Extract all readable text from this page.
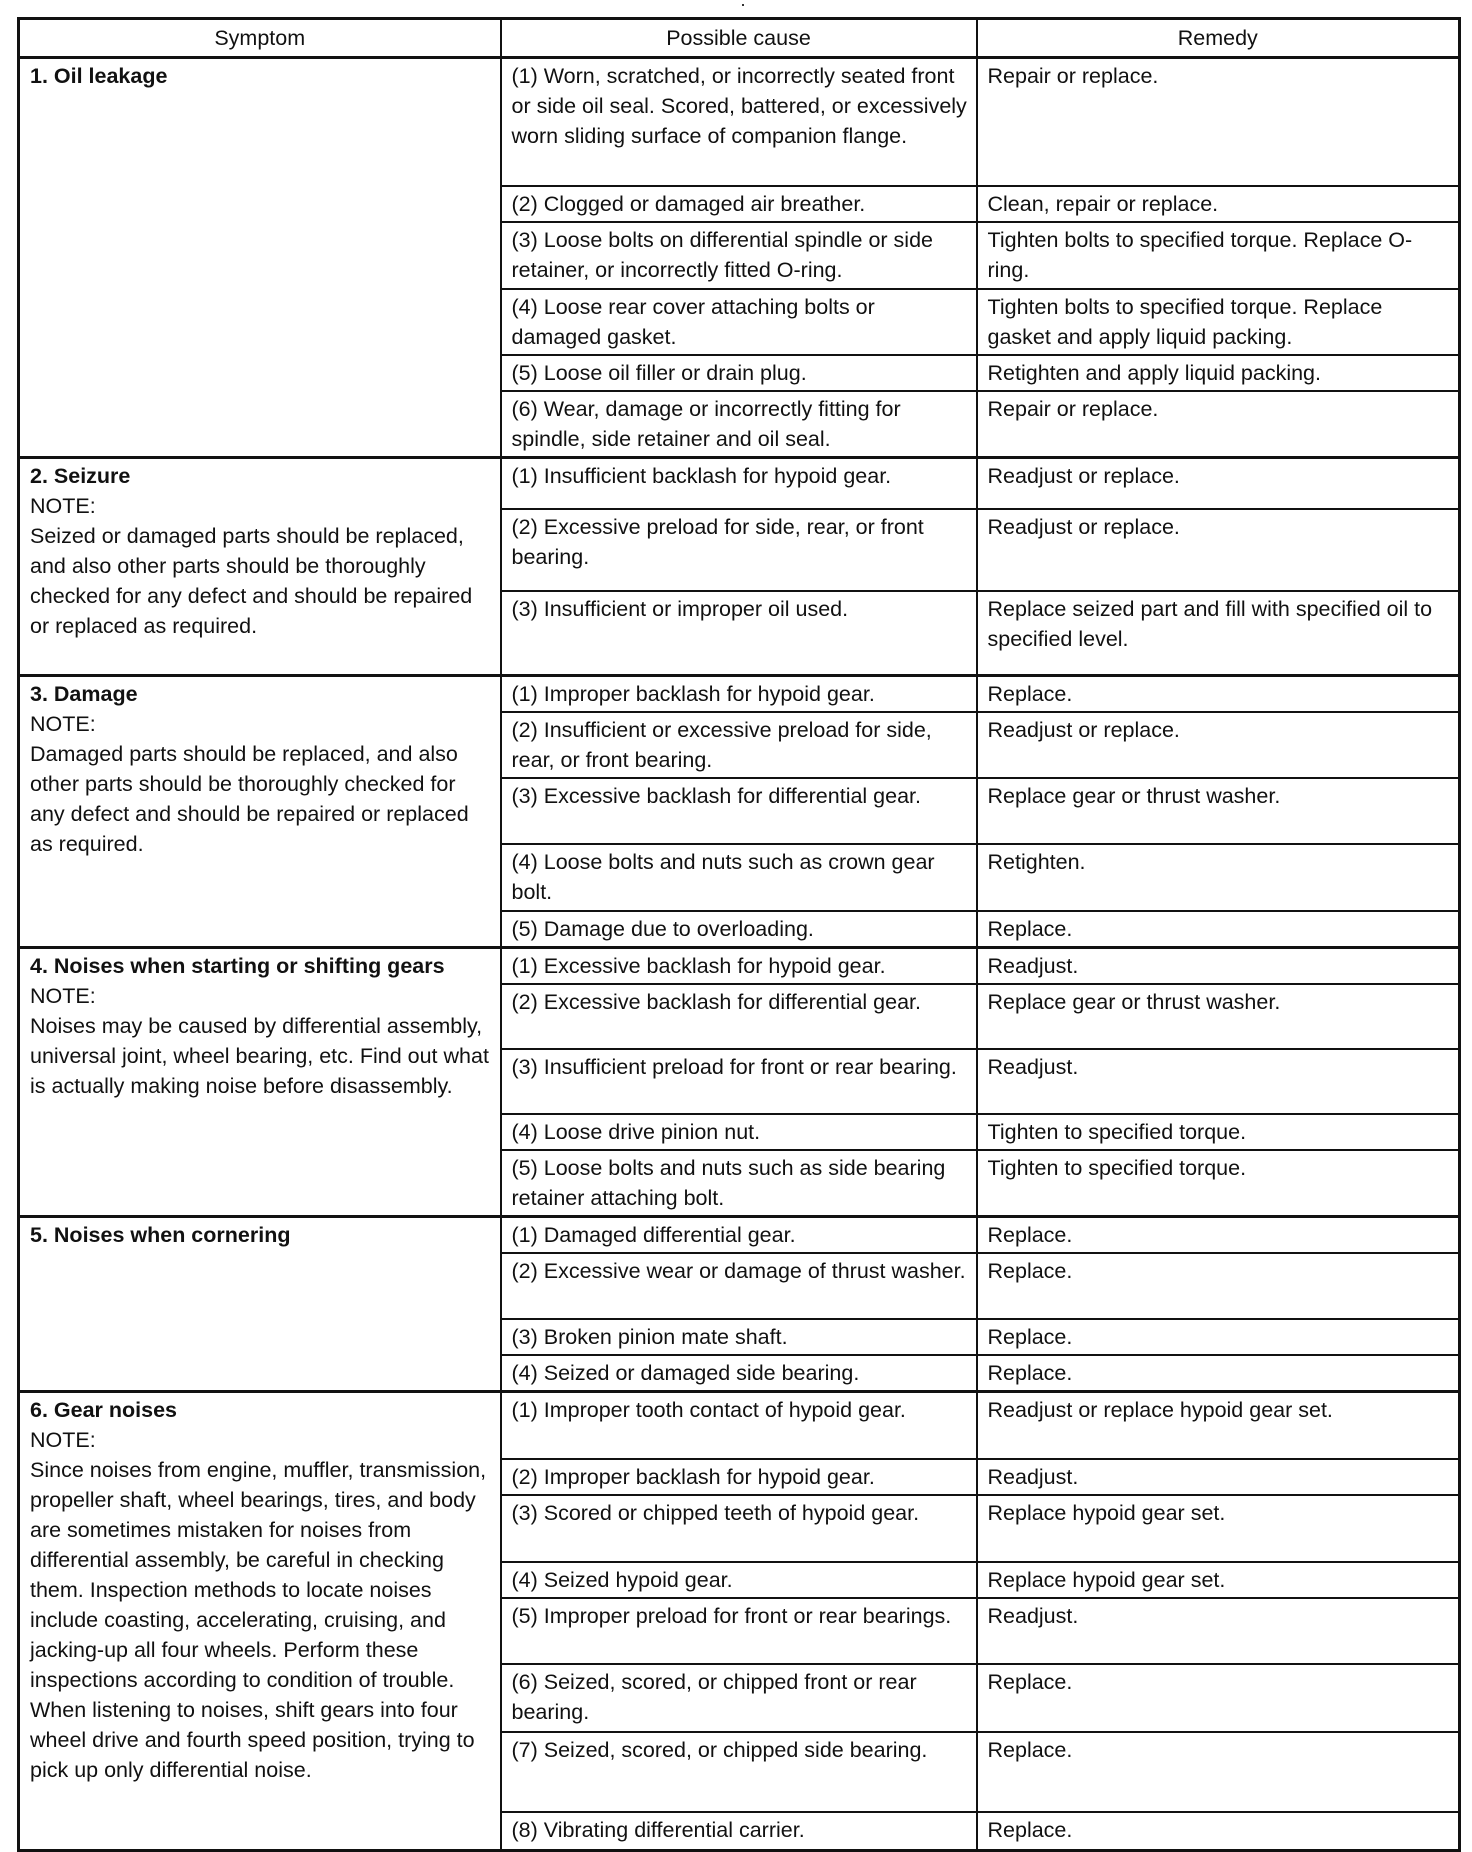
Symptom	Possible cause	Remedy

1. Oil leakage	(1) Worn, scratched, or incorrectly seated front or side oil seal. Scored, battered, or excessively worn sliding surface of companion flange.	Repair or replace.
	(2) Clogged or damaged air breather.	Clean, repair or replace.
	(3) Loose bolts on differential spindle or side retainer, or incorrectly fitted O-ring.	Tighten bolts to specified torque. Replace O-ring.
	(4) Loose rear cover attaching bolts or damaged gasket.	Tighten bolts to specified torque. Replace gasket and apply liquid packing.
	(5) Loose oil filler or drain plug.	Retighten and apply liquid packing.
	(6) Wear, damage or incorrectly fitting for spindle, side retainer and oil seal.	Repair or replace.

2. Seizure
NOTE:
Seized or damaged parts should be replaced, and also other parts should be thoroughly checked for any defect and should be repaired or replaced as required.	(1) Insufficient backlash for hypoid gear.	Readjust or replace.
	(2) Excessive preload for side, rear, or front bearing.	Readjust or replace.
	(3) Insufficient or improper oil used.	Replace seized part and fill with specified oil to specified level.

3. Damage
NOTE:
Damaged parts should be replaced, and also other parts should be thoroughly checked for any defect and should be repaired or replaced as required.	(1) Improper backlash for hypoid gear.	Replace.
	(2) Insufficient or excessive preload for side, rear, or front bearing.	Readjust or replace.
	(3) Excessive backlash for differential gear.	Replace gear or thrust washer.
	(4) Loose bolts and nuts such as crown gear bolt.	Retighten.
	(5) Damage due to overloading.	Replace.

4. Noises when starting or shifting gears
NOTE:
Noises may be caused by differential assembly, universal joint, wheel bearing, etc. Find out what is actually making noise before disassembly.	(1) Excessive backlash for hypoid gear.	Readjust.
	(2) Excessive backlash for differential gear.	Replace gear or thrust washer.
	(3) Insufficient preload for front or rear bearing.	Readjust.
	(4) Loose drive pinion nut.	Tighten to specified torque.
	(5) Loose bolts and nuts such as side bearing retainer attaching bolt.	Tighten to specified torque.

5. Noises when cornering	(1) Damaged differential gear.	Replace.
	(2) Excessive wear or damage of thrust washer.	Replace.
	(3) Broken pinion mate shaft.	Replace.
	(4) Seized or damaged side bearing.	Replace.

6. Gear noises
NOTE:
Since noises from engine, muffler, transmission, propeller shaft, wheel bearings, tires, and body are sometimes mistaken for noises from differential assembly, be careful in checking them. Inspection methods to locate noises include coasting, accelerating, cruising, and jacking-up all four wheels. Perform these inspections according to condition of trouble. When listening to noises, shift gears into four wheel drive and fourth speed position, trying to pick up only differential noise.	(1) Improper tooth contact of hypoid gear.	Readjust or replace hypoid gear set.
	(2) Improper backlash for hypoid gear.	Readjust.
	(3) Scored or chipped teeth of hypoid gear.	Replace hypoid gear set.
	(4) Seized hypoid gear.	Replace hypoid gear set.
	(5) Improper preload for front or rear bearings.	Readjust.
	(6) Seized, scored, or chipped front or rear bearing.	Replace.
	(7) Seized, scored, or chipped side bearing.	Replace.
	(8) Vibrating differential carrier.	Replace.
